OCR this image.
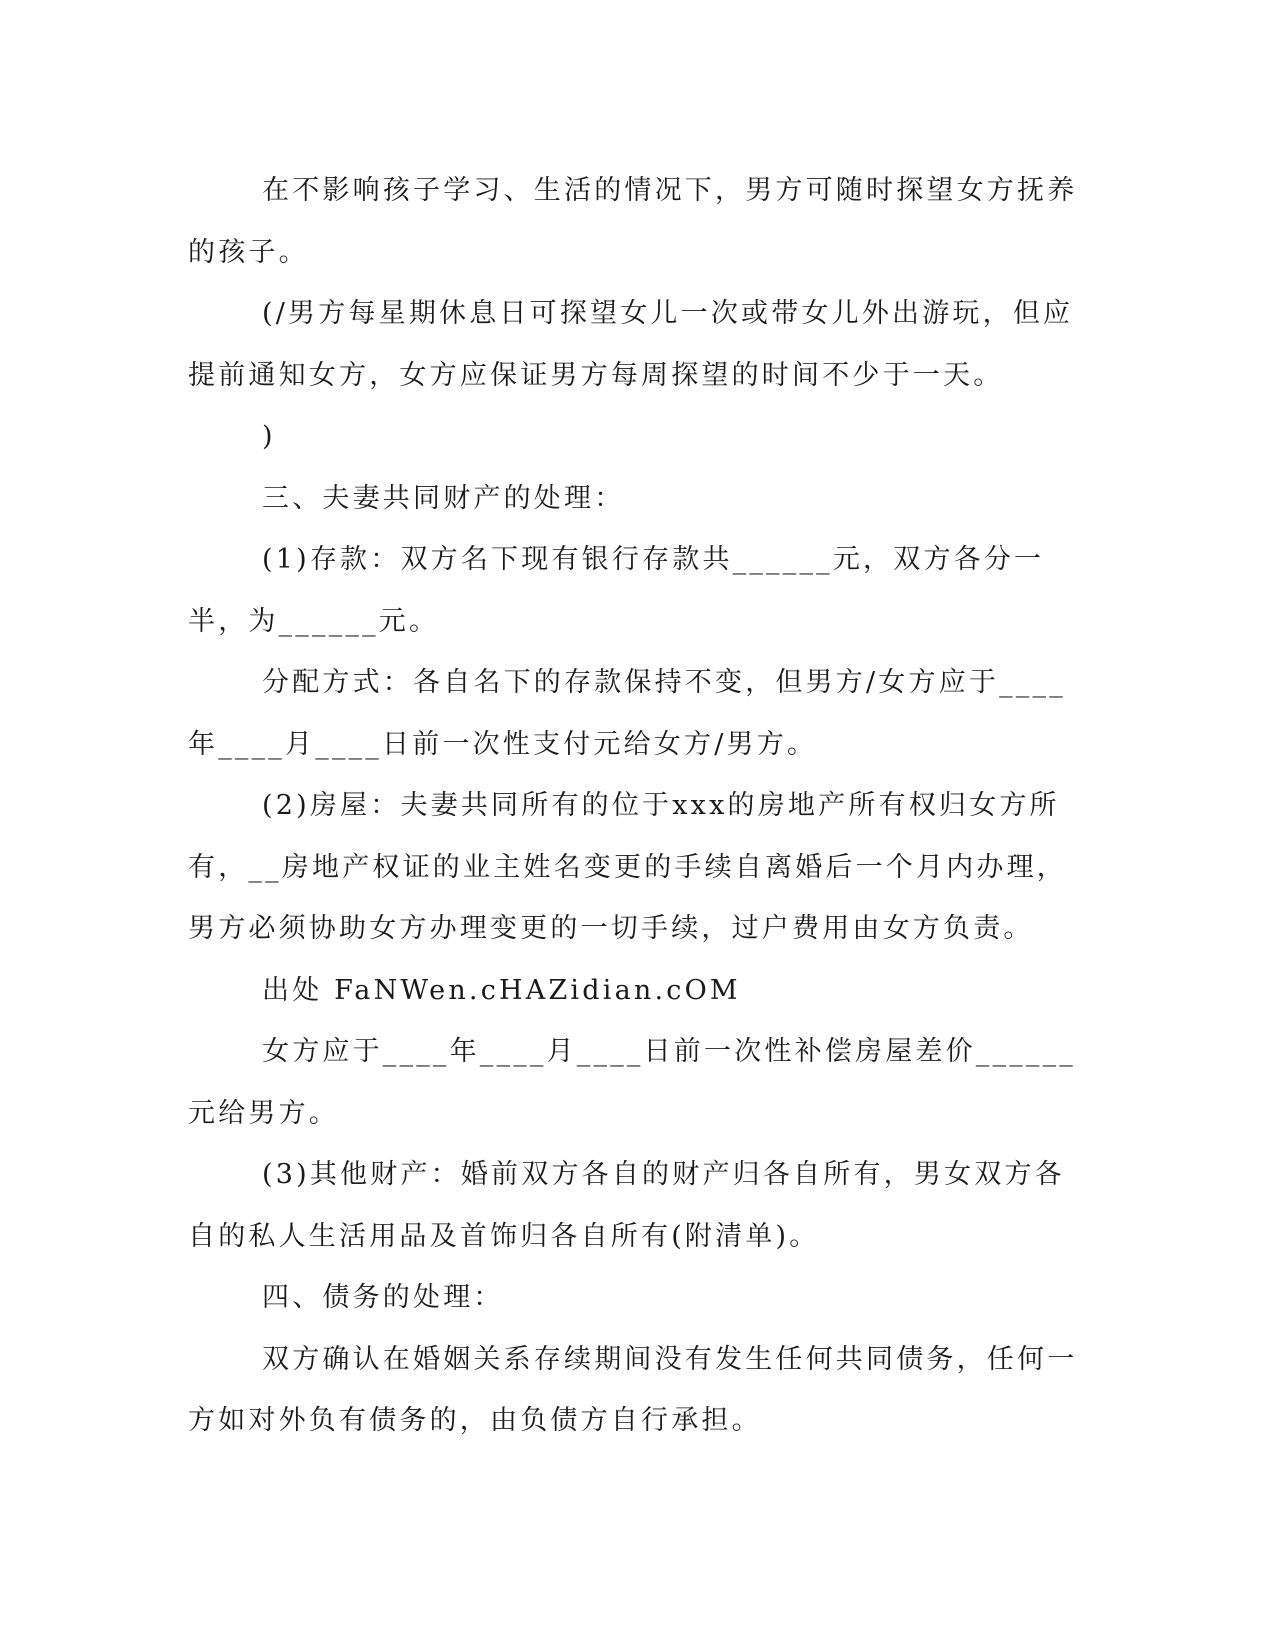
在不影响孩子学习、生活的情况下，男方可随时探望女方抚养的孩子。

(/男方每星期休息日可探望女儿一次或带女儿外出游玩，但应提前通知女方，女方应保证男方每周探望的时间不少于一天。

)

三、夫妻共同财产的处理：

(1)存款：双方名下现有银行存款共______元，双方各分一半，为______元。

分配方式：各自名下的存款保持不变，但男方/女方应于____年____月____日前一次性支付元给女方/男方。

(2)房屋：夫妻共同所有的位于xxx的房地产所有权归女方所有，__房地产权证的业主姓名变更的手续自离婚后一个月内办理，男方必须协助女方办理变更的一切手续，过户费用由女方负责。

出处 FaNWen.cHAZidian.cOM

女方应于____年____月____日前一次性补偿房屋差价______元给男方。

(3)其他财产：婚前双方各自的财产归各自所有，男女双方各自的私人生活用品及首饰归各自所有(附清单)。

四、债务的处理：

双方确认在婚姻关系存续期间没有发生任何共同债务，任何一方如对外负有债务的，由负债方自行承担。
